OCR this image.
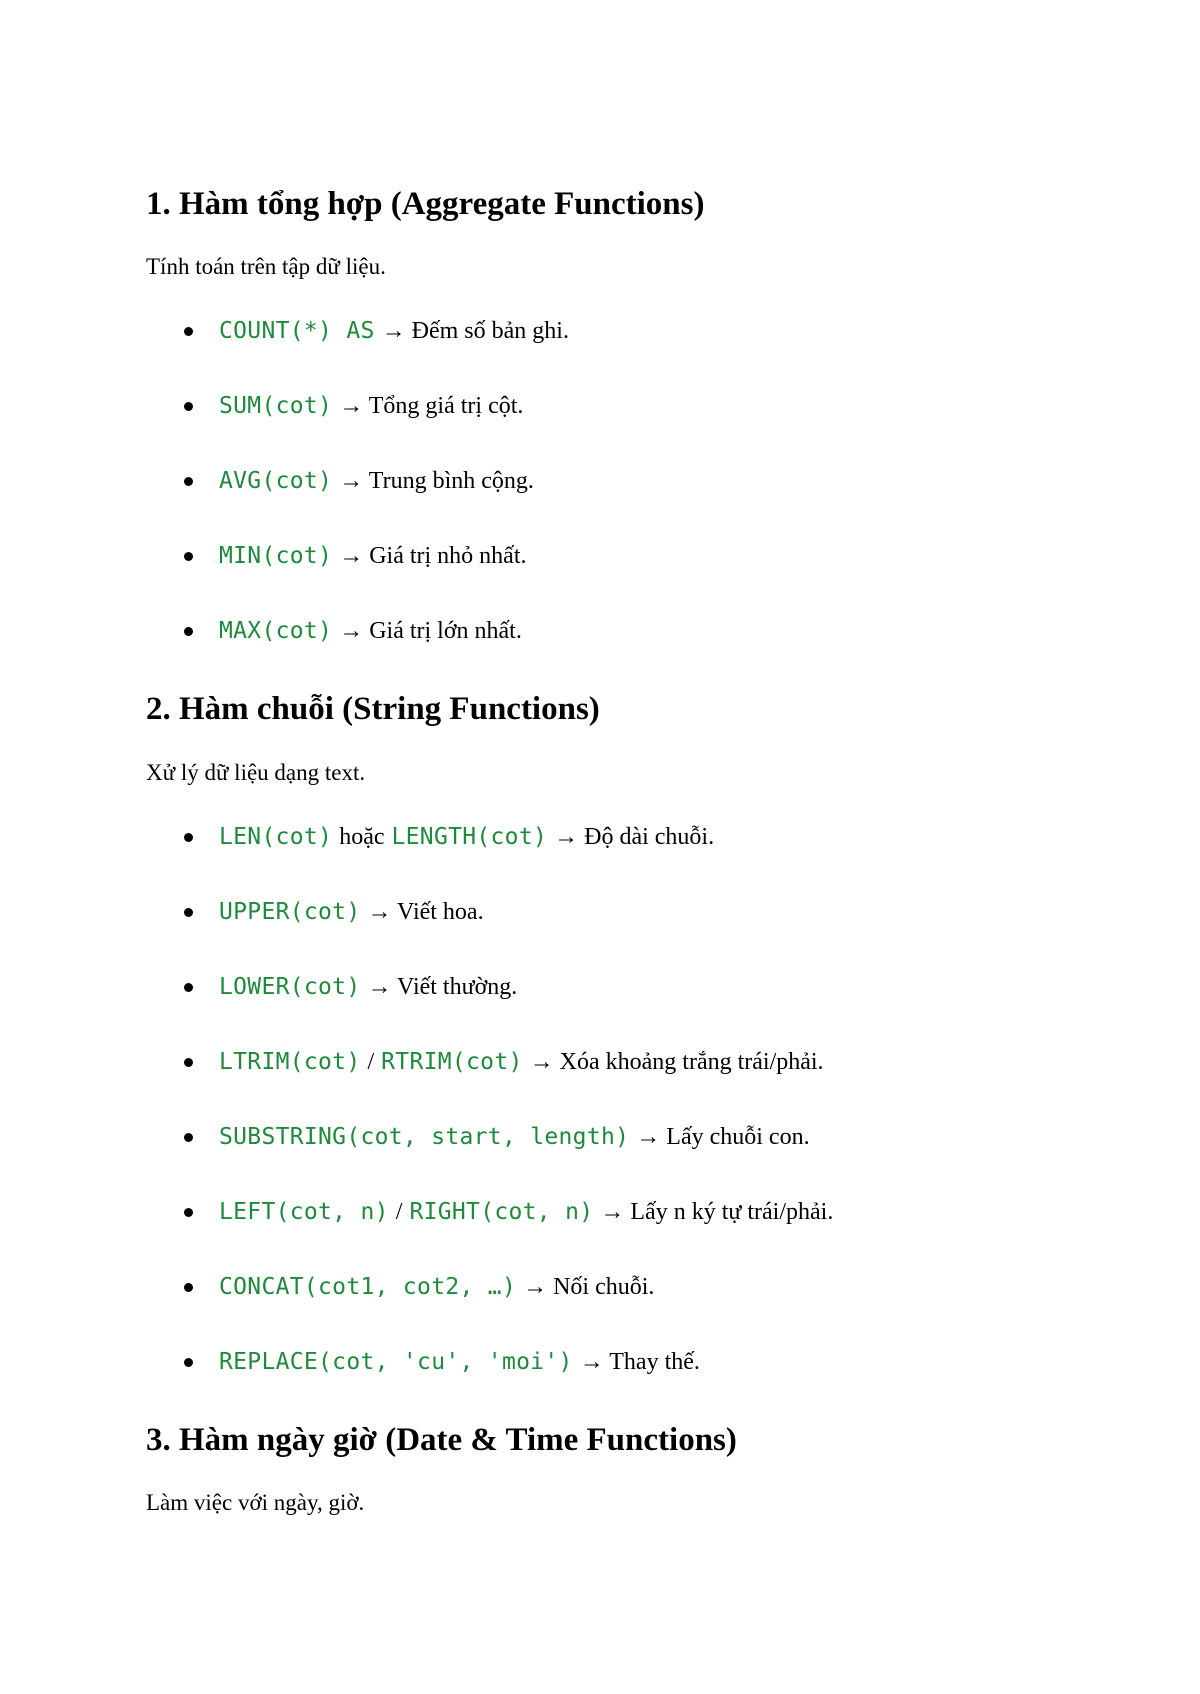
1. Hàm tổng hợp (Aggregate Functions)

Tính toán trên tập dữ liệu.

COUNT(*) AS → Đếm số bản ghi.
SUM(cot) → Tổng giá trị cột.
AVG(cot) → Trung bình cộng.
MIN(cot) → Giá trị nhỏ nhất.
MAX(cot) → Giá trị lớn nhất.
2. Hàm chuỗi (String Functions)

Xử lý dữ liệu dạng text.

LEN(cot) hoặc LENGTH(cot) → Độ dài chuỗi.
UPPER(cot) → Viết hoa.
LOWER(cot) → Viết thường.
LTRIM(cot) / RTRIM(cot) → Xóa khoảng trắng trái/phải.
SUBSTRING(cot, start, length) → Lấy chuỗi con.
LEFT(cot, n) / RIGHT(cot, n) → Lấy n ký tự trái/phải.
CONCAT(cot1, cot2, …) → Nối chuỗi.
REPLACE(cot, 'cu', 'moi') → Thay thế.
3. Hàm ngày giờ (Date & Time Functions)

Làm việc với ngày, giờ.
